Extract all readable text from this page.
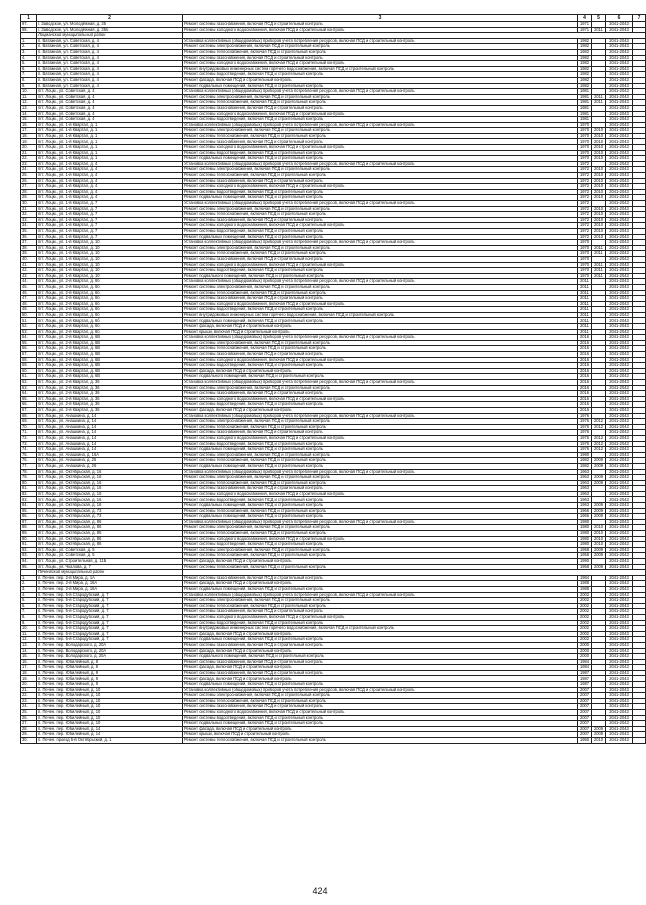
1	2	3	4	5	6	7
97.	г. Заводское, ул. Молодёжная, д. 35	Ремонт системы газоснабжения, включая ПСД и строительный контроль	1971		2041-2043	
98.	г. Заводское, ул. Молодёжная, д. 35б	Ремонт системы холодного водоснабжения, включая ПСД и строительный контроль	1971	2011	2041-2043	
	Лоцманский муниципальный район					
1.	п. Ватажная, ул. Советская, д. 4	Установка коллективных (общедомовых) приборов учета потребления ресурсов, включая ПСД и строительный контроль	1982		2041-2043	
2.	п. Ватажная, ул. Советская, д. 4	Ремонт системы электроснабжения, включая ПСД и строительный контроль	1982		2041-2043	
3.	п. Ватажная, ул. Советская, д. 4	Ремонт системы теплоснабжения, включая ПСД и строительный контроль	1982		2041-2043	
4.	п. Ватажная, ул. Советская, д. 4	Ремонт системы газоснабжения, включая ПСД и строительный контроль	1982		2041-2043	
5.	п. Ватажная, ул. Советская, д. 4	Ремонт системы холодного водоснабжения, включая ПСД и строительный контроль	1982		2041-2043	
6.	п. Ватажная, ул. Советская, д. 4	Ремонт внутридомовых инженерных систем горячего водоснабжения, включая ПСД и строительный контроль	1982		2041-2043	
7.	п. Ватажная, ул. Советская, д. 4	Ремонт системы водоотведения, включая ПСД и строительный контроль	1982		2041-2043	
8.	п. Ватажная, ул. Советская, д. 4	Ремонт фасада, включая ПСД и строительный контроль	1982		2041-2043	
9.	п. Ватажная, ул. Советская, д. 4	Ремонт подвальных помещений, включая ПСД и строительный контроль	1982		2041-2043	
10.	пгт. Лоцм., ул. Советская, д. 4	Установка коллективных (общедомовых) приборов учета потребления ресурсов, включая ПСД и строительный контроль	1981		2041-2043	
11.	пгт. Лоцм., ул. Советская, д. 4	Ремонт системы электроснабжения, включая ПСД и строительный контроль	1981	2011	2041-2043	
12.	пгт. Лоцм., ул. Советская, д. 4	Ремонт системы теплоснабжения, включая ПСД и строительный контроль	1981	2011	2041-2043	
13.	пгт. Лоцм., ул. Советская, д. 4	Ремонт системы газоснабжения, включая ПСД и строительный контроль	1981		2041-2043	
14.	пгт. Лоцм., ул. Советская, д. 4	Ремонт системы холодного водоснабжения, включая ПСД и строительный контроль	1981		2041-2043	
15.	пгт. Лоцм., ул. Советская, д. 4	Ремонт системы водоотведения, включая ПСД и строительный контроль	1981		2041-2043	
16.	пгт. Лоцм., ул. 1-й Квартал, д. 1	Установка коллективных (общедомовых) приборов учета потребления ресурсов, включая ПСД и строительный контроль	1970		2041-2043	
17.	пгт. Лоцм., ул. 1-й Квартал, д. 1	Ремонт системы электроснабжения, включая ПСД и строительный контроль	1970	2010	2041-2043	
18.	пгт. Лоцм., ул. 1-й Квартал, д. 1	Ремонт системы теплоснабжения, включая ПСД и строительный контроль	1970	2010	2041-2043	
19.	пгт. Лоцм., ул. 1-й Квартал, д. 1	Ремонт системы газоснабжения, включая ПСД и строительный контроль	1970	2010	2041-2043	
20.	пгт. Лоцм., ул. 1-й Квартал, д. 1	Ремонт системы холодного водоснабжения, включая ПСД и строительный контроль	1970	2010	2041-2043	
21.	пгт. Лоцм., ул. 1-й Квартал, д. 1	Ремонт системы водоотведения, включая ПСД и строительный контроль	1970	2010	2041-2043	
22.	пгт. Лоцм., ул. 1-й Квартал, д. 1	Ремонт подвальных помещений, включая ПСД и строительный контроль	1970	2010	2041-2043	
23.	пгт. Лоцм., ул. 1-й Квартал, д. 4	Установка коллективных (общедомовых) приборов учета потребления ресурсов, включая ПСД и строительный контроль	1972		2041-2043	
24.	пгт. Лоцм., ул. 1-й Квартал, д. 4	Ремонт системы электроснабжения, включая ПСД и строительный контроль	1972	2010	2041-2043	
25.	пгт. Лоцм., ул. 1-й Квартал, д. 4	Ремонт системы теплоснабжения, включая ПСД и строительный контроль	1972	2010	2041-2043	
26.	пгт. Лоцм., ул. 1-й Квартал, д. 4	Ремонт системы газоснабжения, включая ПСД и строительный контроль	1972	2010	2041-2043	
27.	пгт. Лоцм., ул. 1-й Квартал, д. 4	Ремонт системы холодного водоснабжения, включая ПСД и строительный контроль	1972	2010	2041-2043	
28.	пгт. Лоцм., ул. 1-й Квартал, д. 4	Ремонт системы водоотведения, включая ПСД и строительный контроль	1972	2010	2041-2043	
29.	пгт. Лоцм., ул. 1-й Квартал, д. 4	Ремонт подвальных помещений, включая ПСД и строительный контроль	1972	2010	2041-2043	
30.	пгт. Лоцм., ул. 1-й Квартал, д. 7	Установка коллективных (общедомовых) приборов учета потребления ресурсов, включая ПСД и строительный контроль	1972		2041-2043	
31.	пгт. Лоцм., ул. 1-й Квартал, д. 7	Ремонт системы электроснабжения, включая ПСД и строительный контроль	1972	2010	2041-2043	
32.	пгт. Лоцм., ул. 1-й Квартал, д. 7	Ремонт системы теплоснабжения, включая ПСД и строительный контроль	1972	2010	2041-2043	
33.	пгт. Лоцм., ул. 1-й Квартал, д. 7	Ремонт системы газоснабжения, включая ПСД и строительный контроль	1972	2010	2041-2043	
34.	пгт. Лоцм., ул. 1-й Квартал, д. 7	Ремонт системы холодного водоснабжения, включая ПСД и строительный контроль	1972	2010	2041-2043	
35.	пгт. Лоцм., ул. 1-й Квартал, д. 7	Ремонт системы водоотведения, включая ПСД и строительный контроль	1972	2010	2041-2043	
36.	пгт. Лоцм., ул. 1-й Квартал, д. 7	Ремонт подвальных помещений, включая ПСД и строительный контроль	1972	2010	2041-2043	
37.	пгт. Лоцм., ул. 1-й Квартал, д. 10	Установка коллективных (общедомовых) приборов учета потребления ресурсов, включая ПСД и строительный контроль	1970		2041-2043	
38.	пгт. Лоцм., ул. 1-й Квартал, д. 10	Ремонт системы электроснабжения, включая ПСД и строительный контроль	1970	2011	2041-2043	
39.	пгт. Лоцм., ул. 1-й Квартал, д. 10	Ремонт системы теплоснабжения, включая ПСД и строительный контроль	1970	2011	2041-2043	
40.	пгт. Лоцм., ул. 1-й Квартал, д. 10	Ремонт системы газоснабжения, включая ПСД и строительный контроль	1970		2041-2043	
41.	пгт. Лоцм., ул. 1-й Квартал, д. 10	Ремонт системы холодного водоснабжения, включая ПСД и строительный контроль	1970	2011	2041-2043	
42.	пгт. Лоцм., ул. 1-й Квартал, д. 10	Ремонт системы водоотведения, включая ПСД и строительный контроль	1970	2011	2041-2043	
43.	пгт. Лоцм., ул. 1-й Квартал, д. 10	Ремонт подвального помещения, включая ПСД и строительный контроль	1970	2011	2041-2043	
44.	пгт. Лоцм., ул. 2-й Квартал, д. 6б	Установка коллективных (общедомовых) приборов учета потребления ресурсов, включая ПСД и строительный контроль	2011		2041-2043	
45.	пгт. Лоцм., ул. 2-й Квартал, д. 6б	Ремонт системы электроснабжения, включая ПСД и строительный контроль	2011		2041-2043	
46.	пгт. Лоцм., ул. 2-й Квартал, д. 6б	Ремонт системы теплоснабжения, включая ПСД и строительный контроль	2011		2041-2043	
47.	пгт. Лоцм., ул. 2-й Квартал, д. 6б	Ремонт системы газоснабжения, включая ПСД и строительный контроль	2011		2041-2043	
48.	пгт. Лоцм., ул. 2-й Квартал, д. 6б	Ремонт системы холодного водоснабжения, включая ПСД и строительный контроль	2011		2041-2043	
49.	пгт. Лоцм., ул. 2-й Квартал, д. 6б	Ремонт системы водоотведения, включая ПСД и строительный контроль	2011		2041-2043	
50.	пгт. Лоцм., ул. 2-й Квартал, д. 6б	Ремонт внутридомовых инженерных систем горячего водоснабжения, включая ПСД и строительный контроль	2011		2041-2043	
51.	пгт. Лоцм., ул. 2-й Квартал, д. 6б	Ремонт подвальных помещений, включая ПСД и строительный контроль	2011		2041-2043	
52.	пгт. Лоцм., ул. 2-й Квартал, д. 6б	Ремонт фасада, включая ПСД и строительный контроль	2011		2041-2043	
53.	пгт. Лоцм., ул. 2-й Квартал, д. 6б	Ремонт крыши, включая ПСД и строительный контроль	2011		2041-2043	
54.	пгт. Лоцм., ул. 2-й Квартал, д. 6В	Установка коллективных (общедомовых) приборов учета потребления ресурсов, включая ПСД и строительный контроль	2016		2041-2043	
55.	пгт. Лоцм., ул. 2-й Квартал, д. 6В	Ремонт системы электроснабжения, включая ПСД и строительный контроль	2016		2041-2043	
56.	пгт. Лоцм., ул. 2-й Квартал, д. 6В	Ремонт системы теплоснабжения, включая ПСД и строительный контроль	2016		2041-2043	
57.	пгт. Лоцм., ул. 2-й Квартал, д. 6В	Ремонт системы газоснабжения, включая ПСД и строительный контроль	2016		2041-2043	
58.	пгт. Лоцм., ул. 2-й Квартал, д. 6В	Ремонт системы холодного водоснабжения, включая ПСД и строительный контроль	2016		2041-2043	
59.	пгт. Лоцм., ул. 2-й Квартал, д. 6В	Ремонт системы водоотведения, включая ПСД и строительный контроль	2016		2041-2043	
60.	пгт. Лоцм., ул. 2-й Квартал, д. 6В	Ремонт фасада, включая ПСД и строительный контроль	2016		2041-2043	
61.	пгт. Лоцм., ул. 2-й Квартал, д. 6В	Ремонт подвального помещения, включая ПСД и строительный контроль	2016		2041-2043	
62.	пгт. Лоцм., ул. 2-й Квартал, д. 36	Установка коллективных (общедомовых) приборов учета потребления ресурсов, включая ПСД и строительный контроль	2016		2041-2043	
63.	пгт. Лоцм., ул. 2-й Квартал, д. 36	Ремонт системы электроснабжения, включая ПСД и строительный контроль	2016		2041-2043	
64.	пгт. Лоцм., ул. 2-й Квартал, д. 36	Ремонт системы газоснабжения, включая ПСД и строительный контроль	2016		2041-2043	
65.	пгт. Лоцм., ул. 2-й Квартал, д. 36	Ремонт системы холодного водоснабжения, включая ПСД и строительный контроль	2016		2041-2043	
66.	пгт. Лоцм., ул. 2-й Квартал, д. 36	Ремонт системы водоотведения, включая ПСД и строительный контроль	2016		2041-2043	
67.	пгт. Лоцм., ул. 2-й Квартал, д. 36	Ремонт фасада, включая ПСД и строительный контроль	2016		2041-2043	
68.	пгт. Лоцм., ул. Анашкина, д. 14	Установка коллективных (общедомовых) приборов учета потребления ресурсов, включая ПСД и строительный контроль	1976		2041-2043	
69.	пгт. Лоцм., ул. Анашкина, д. 14	Ремонт системы электроснабжения, включая ПСД и строительный контроль	1976	2012	2041-2043	
70.	пгт. Лоцм., ул. Анашкина, д. 14	Ремонт системы теплоснабжения, включая ПСД и строительный контроль	1976	2012	2041-2043	
71.	пгт. Лоцм., ул. Анашкина, д. 14	Ремонт системы газоснабжения, включая ПСД и строительный контроль	1976		2041-2043	
72.	пгт. Лоцм., ул. Анашкина, д. 14	Ремонт системы холодного водоснабжения, включая ПСД и строительный контроль	1976	2012	2041-2043	
73.	пгт. Лоцм., ул. Анашкина, д. 14	Ремонт системы водоотведения, включая ПСД и строительный контроль	1976	2012	2041-2043	
74.	пгт. Лоцм., ул. Анашкина, д. 14	Ремонт подвальных помещений, включая ПСД и строительный контроль	1976	2012	2041-2043	
75.	пгт. Лоцм., ул. Анашкина, д. 16А	Ремонт системы электроснабжения, включая ПСД и строительный контроль	1990		2041-2043	
76.	пгт. Лоцм., ул. Анашкина, д. 26	Ремонт системы теплоснабжения, включая ПСД и строительный контроль	1982	2009	2041-2043	
77.	пгт. Лоцм., ул. Анашкина, д. 26	Ремонт подвальных помещений, включая ПСД и строительный контроль	1982	2009	2041-2043	
78.	пгт. Лоцм., ул. Октябрьская, д. 16	Установка коллективных (общедомовых) приборов учета потребления ресурсов, включая ПСД и строительный контроль	1963		2041-2043	
79.	пгт. Лоцм., ул. Октябрьская, д. 16	Ремонт системы электроснабжения, включая ПСД и строительный контроль	1963	2009	2041-2043	
80.	пгт. Лоцм., ул. Октябрьская, д. 16	Ремонт системы теплоснабжения, включая ПСД и строительный контроль	1963	2009	2041-2043	
81.	пгт. Лоцм., ул. Октябрьская, д. 16	Ремонт системы газоснабжения, включая ПСД и строительный контроль	1963		2041-2043	
82.	пгт. Лоцм., ул. Октябрьская, д. 16	Ремонт системы холодного водоснабжения, включая ПСД и строительный контроль	1963		2041-2043	
83.	пгт. Лоцм., ул. Октябрьская, д. 16	Ремонт системы водоотведения, включая ПСД и строительный контроль	1963		2041-2043	
84.	пгт. Лоцм., ул. Октябрьская, д. 16	Ремонт подвальных помещений, включая ПСД и строительный контроль	1963	2009	2041-2043	
85.	пгт. Лоцм., ул. Октябрьская, д. 73	Ремонт системы теплоснабжения, включая ПСД и строительный контроль	1966	2009	2041-2043	
86.	пгт. Лоцм., ул. Октябрьская, д. 73	Ремонт подвальных помещений, включая ПСД и строительный контроль	1966	2009	2041-2043	
87.	пгт. Лоцм., ул. Октябрьская, д. 86	Установка коллективных (общедомовых) приборов учета потребления ресурсов, включая ПСД и строительный контроль	1980		2041-2043	
88.	пгт. Лоцм., ул. Октябрьская, д. 86	Ремонт системы электроснабжения, включая ПСД и строительный контроль	1980	2010	2041-2043	
89.	пгт. Лоцм., ул. Октябрьская, д. 86	Ремонт системы теплоснабжения, включая ПСД и строительный контроль	1980	2010	2041-2043	
90.	пгт. Лоцм., ул. Октябрьская, д. 86	Ремонт системы холодного водоснабжения, включая ПСД и строительный контроль	1980	2010	2041-2043	
91.	пгт. Лоцм., ул. Октябрьская, д. 86	Ремонт системы водоотведения, включая ПСД и строительный контроль	1980	2010	2041-2043	
92.	пгт. Лоцм., ул. Советская, д. 5	Ремонт системы электроснабжения, включая ПСД и строительный контроль	1958	2009	2041-2043	
93.	пгт. Лоцм., ул. Советская, д. 5	Ремонт системы теплоснабжения, включая ПСД и строительный контроль	1958	2009	2041-2043	
94.	пгт. Лоцм., ул. Строительная, д. 11Б	Ремонт фасада, включая ПСД и строительный контроль	1990		2041-2043	
95.	пгт. Лоцм., ул. Чкалова, д. 7	Ремонт системы теплоснабжения, включая ПСД и строительный контроль	1958	2009	2041-2043	
	Печенгский муниципальный район					
1.	п. Печен. пер. 2-й Мира, д. 1А	Ремонт системы газоснабжения, включая ПСД и строительный контроль	1984		2041-2043	
2.	п. Печен. пер. 2-й Мира, д. 16А	Ремонт фасада, включая ПСД и строительный контроль	1988		2041-2043	
3.	п. Печен. пер. 2-й Мира, д. 16А	Ремонт подвальных помещений, включая ПСД и строительный контроль	1988		2041-2043	
4.	п. Печен. пер. 5-й Стародубский, д. 7	Установка коллективных (общедомовых) приборов учета потребления ресурсов, включая ПСД и строительный контроль	2002		2041-2043	
5.	п. Печен. пер. 5-й Стародубский, д. 7	Ремонт системы электроснабжения, включая ПСД и строительный контроль	2002		2041-2043	
6.	п. Печен. пер. 5-й Стародубский, д. 7	Ремонт системы теплоснабжения, включая ПСД и строительный контроль	2002		2041-2043	
7.	п. Печен. пер. 5-й Стародубский, д. 7	Ремонт системы газоснабжения, включая ПСД и строительный контроль	2002		2041-2043	
8.	п. Печен. пер. 5-й Стародубский, д. 7	Ремонт системы холодного водоснабжения, включая ПСД и строительный контроль	2002		2041-2043	
9.	п. Печен. пер. 5-й Стародубский, д. 7	Ремонт системы водоотведения, включая ПСД и строительный контроль	2002		2041-2043	
10.	п. Печен. пер. 5-й Стародубский, д. 7	Ремонт внутридомовых инженерных систем горячего водоснабжения, включая ПСД и строительный контроль	2002		2041-2043	
11.	п. Печен. пер. 5-й Стародубский, д. 7	Ремонт фасада, включая ПСД и строительный контроль	2002		2041-2043	
12.	п. Печен. пер. 5-й Стародубский, д. 7	Ремонт подвальных помещений, включая ПСД и строительный контроль	2002		2041-2043	
13.	п. Печен. пер. Володарского, д. 20А	Ремонт системы газоснабжения, включая ПСД и строительный контроль	2000		2041-2043	
14.	п. Печен. пер. Володарского, д. 20А	Ремонт фасада, включая ПСД и строительный контроль	2000		2041-2043	
15.	п. Печен. пер. Володарского, д. 20А	Ремонт подвального помещения, включая ПСД и строительный контроль	2000		2041-2043	
16.	п. Печен. пер. Юбилейный, д. 8	Ремонт системы газоснабжения, включая ПСД и строительный контроль	1984		2041-2043	
17.	п. Печен. пер. Юбилейный, д. 8	Ремонт фасада, включая ПСД и строительный контроль	1984		2041-2043	
18.	п. Печен. пер. Юбилейный, д. 9	Ремонт системы газоснабжения, включая ПСД и строительный контроль	1987		2041-2043	
19.	п. Печен. пер. Юбилейный, д. 9	Ремонт фасада, включая ПСД и строительный контроль	1987		2041-2043	
20.	п. Печен. пер. Юбилейный, д. 9	Ремонт подвальных помещений, включая ПСД и строительный контроль	1987		2041-2043	
21.	п. Печен. пер. Юбилейный, д. 10	Установка коллективных (общедомовых) приборов учета потребления ресурсов, включая ПСД и строительный контроль	2007		2041-2043	
22.	п. Печен. пер. Юбилейный, д. 10	Ремонт системы электроснабжения, включая ПСД и строительный контроль	2007		2041-2043	
23.	п. Печен. пер. Юбилейный, д. 10	Ремонт системы теплоснабжения, включая ПСД и строительный контроль	2007		2041-2043	
24.	п. Печен. пер. Юбилейный, д. 10	Ремонт системы газоснабжения, включая ПСД и строительный контроль	2007		2041-2043	
25.	п. Печен. пер. Юбилейный, д. 10	Ремонт системы холодного водоснабжения, включая ПСД и строительный контроль	2007		2041-2043	
26.	п. Печен. пер. Юбилейный, д. 10	Ремонт системы водоотведения, включая ПСД и строительный контроль	2007		2041-2043	
27.	п. Печен. пер. Юбилейный, д. 10	Ремонт подвальных помещений, включая ПСД и строительный контроль	2007		2041-2043	
28.	п. Печен. пер. Юбилейный, д. 14	Ремонт фасада, включая ПСД и строительный контроль	2007	2009	2041-2043	
29.	п. Печен. пер. Юбилейный, д. 14	Ремонт крыши, включая ПСД и строительный контроль	2007	2009	2041-2043	
30.	п. Печен. проезд 5-й Октябрьский, д. 1	Ремонт системы теплоснабжения, включая ПСД и строительный контроль	1950	2010	2041-2043	
424
